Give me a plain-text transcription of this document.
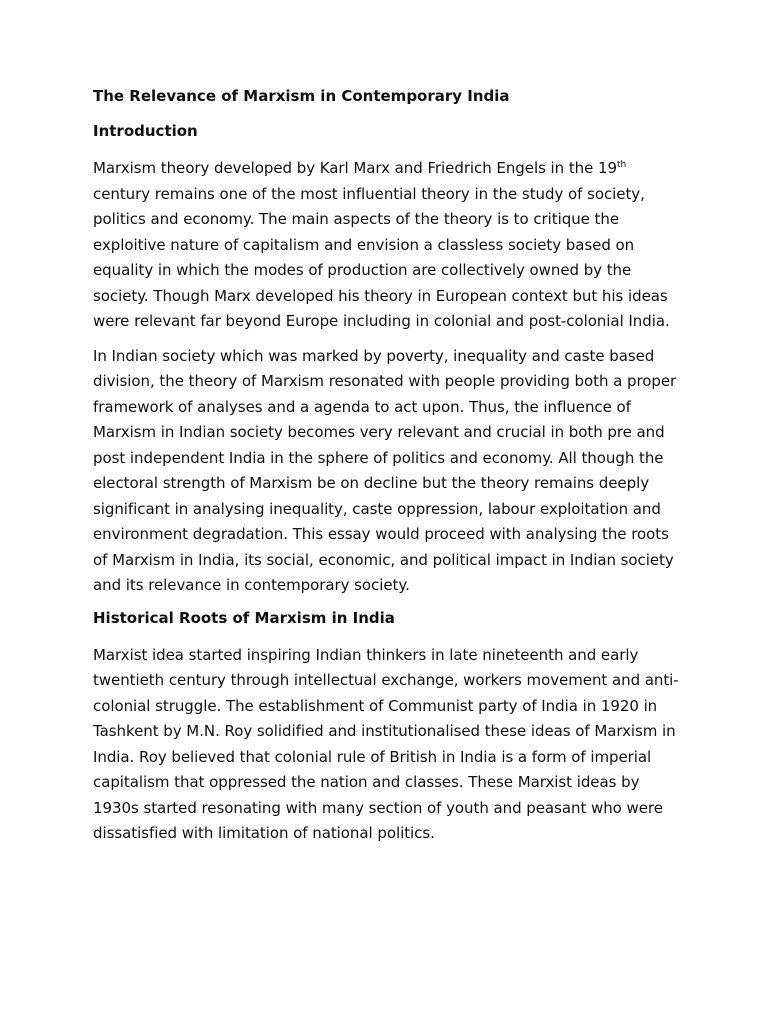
The Relevance of Marxism in Contemporary India
Introduction

Marxism theory developed by Karl Marx and Friedrich Engels in the 19th century remains one of the most influential theory in the study of society, politics and economy. The main aspects of the theory is to critique the exploitive nature of capitalism and envision a classless society based on equality in which the modes of production are collectively owned by the society. Though Marx developed his theory in European context but his ideas were relevant far beyond Europe including in colonial and post-colonial India.

In Indian society which was marked by poverty, inequality and caste based division, the theory of Marxism resonated with people providing both a proper framework of analyses and a agenda to act upon. Thus, the influence of Marxism in Indian society becomes very relevant and crucial in both pre and post independent India in the sphere of politics and economy. All though the electoral strength of Marxism be on decline but the theory remains deeply significant in analysing inequality, caste oppression, labour exploitation and environment degradation. This essay would proceed with analysing the roots of Marxism in India, its social, economic, and political impact in Indian society and its relevance in contemporary society.

Historical Roots of Marxism in India

Marxist idea started inspiring Indian thinkers in late nineteenth and early twentieth century through intellectual exchange, workers movement and anti-colonial struggle. The establishment of Communist party of India in 1920 in Tashkent by M.N. Roy solidified and institutionalised these ideas of Marxism in India. Roy believed that colonial rule of British in India is a form of imperial capitalism that oppressed the nation and classes. These Marxist ideas by 1930s started resonating with many section of youth and peasant who were dissatisfied with limitation of national politics.
